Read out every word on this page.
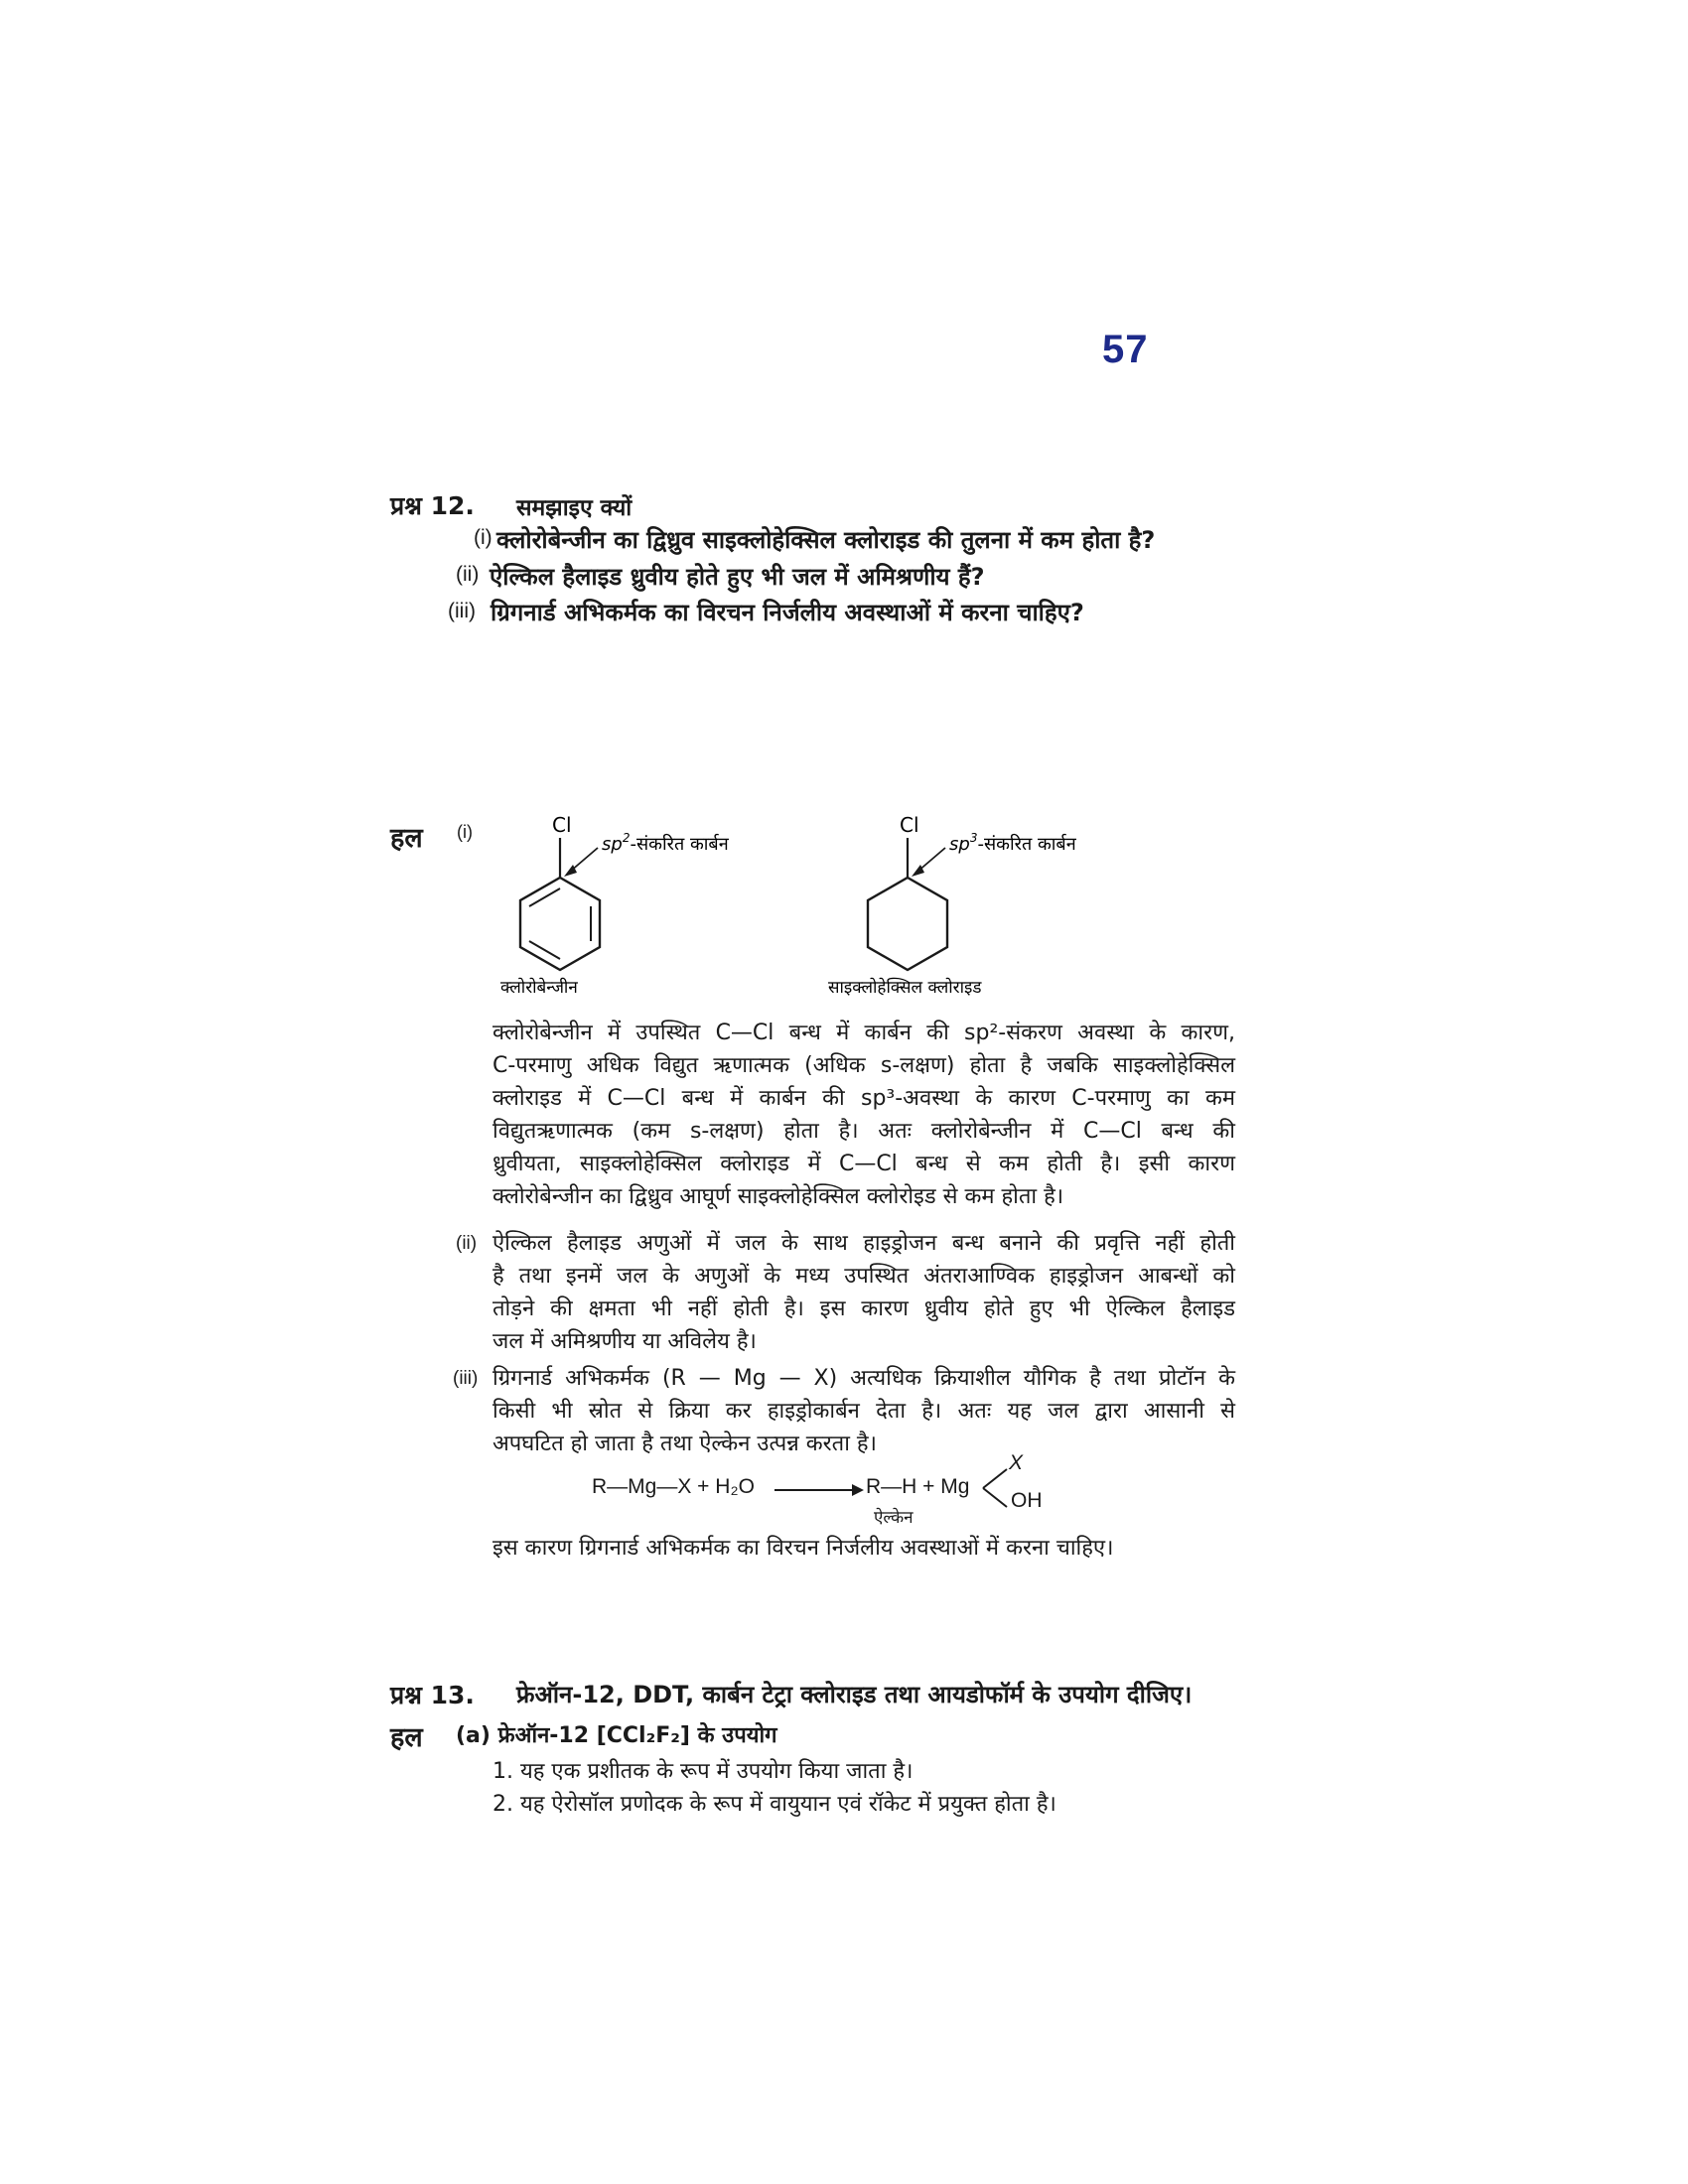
57
प्रश्न 12. समझाइए क्यों
(i) क्लोरोबेन्जीन का द्विध्रुव साइक्लोहेक्सिल क्लोराइड की तुलना में कम होता है?
(ii) ऐल्किल हैलाइड ध्रुवीय होते हुए भी जल में अमिश्रणीय हैं?
(iii) ग्रिगनार्ड अभिकर्मक का विरचन निर्जलीय अवस्थाओं में करना चाहिए?
हल (i)	Cl
$sp^2-संकरित$ कार्बन
क्लोरोबेन्जीन
Cl
$sp^3-संकरित$ कार्बन
साइक्लोहेक्सिल क्लोराइड
क्लोरोबेन्जीन में उपस्थित C—Cl बन्ध में कार्बन की sp²-संकरण अवस्था के कारण,
C-परमाणु अधिक विद्युत ऋणात्मक (अधिक s-लक्षण) होता है जबकि साइक्लोहेक्सिल
क्लोराइड में C—Cl बन्ध में कार्बन की sp³-अवस्था के कारण C-परमाणु का कम
विद्युतऋणात्मक (कम s-लक्षण) होता है। अतः क्लोरोबेन्जीन में C—Cl बन्ध की
ध्रुवीयता, साइक्लोहेक्सिल क्लोराइड में C—Cl बन्ध से कम होती है। इसी कारण
क्लोरोबेन्जीन का द्विध्रुव आघूर्ण साइक्लोहेक्सिल क्लोरोइड से कम होता है।
(ii) ऐल्किल हैलाइड अणुओं में जल के साथ हाइड्रोजन बन्ध बनाने की प्रवृत्ति नहीं होती
है तथा इनमें जल के अणुओं के मध्य उपस्थित अंतराआण्विक हाइड्रोजन आबन्धों को
तोड़ने की क्षमता भी नहीं होती है। इस कारण ध्रुवीय होते हुए भी ऐल्किल हैलाइड
जल में अमिश्रणीय या अविलेय है।
(iii) ग्रिगनार्ड अभिकर्मक (R — Mg — X) अत्यधिक क्रियाशील यौगिक है तथा प्रोटॉन के
किसी भी स्रोत से क्रिया कर हाइड्रोकार्बन देता है। अतः यह जल द्वारा आसानी से
अपघटित हो जाता है तथा ऐल्केन उत्पन्न करता है।
R—Mg—X + H₂O	R—H + Mg
X
OH
ऐल्केन
इस कारण ग्रिगनार्ड अभिकर्मक का विरचन निर्जलीय अवस्थाओं में करना चाहिए।
प्रश्न 13. फ्रेऑन-12, DDT, कार्बन टेट्रा क्लोराइड तथा आयडोफॉर्म के उपयोग दीजिए।
हल (a) फ्रेऑन-12 [CCl₂F₂] के उपयोग
1. यह एक प्रशीतक के रूप में उपयोग किया जाता है।
2. यह ऐरोसॉल प्रणोदक के रूप में वायुयान एवं रॉकेट में प्रयुक्त होता है।
